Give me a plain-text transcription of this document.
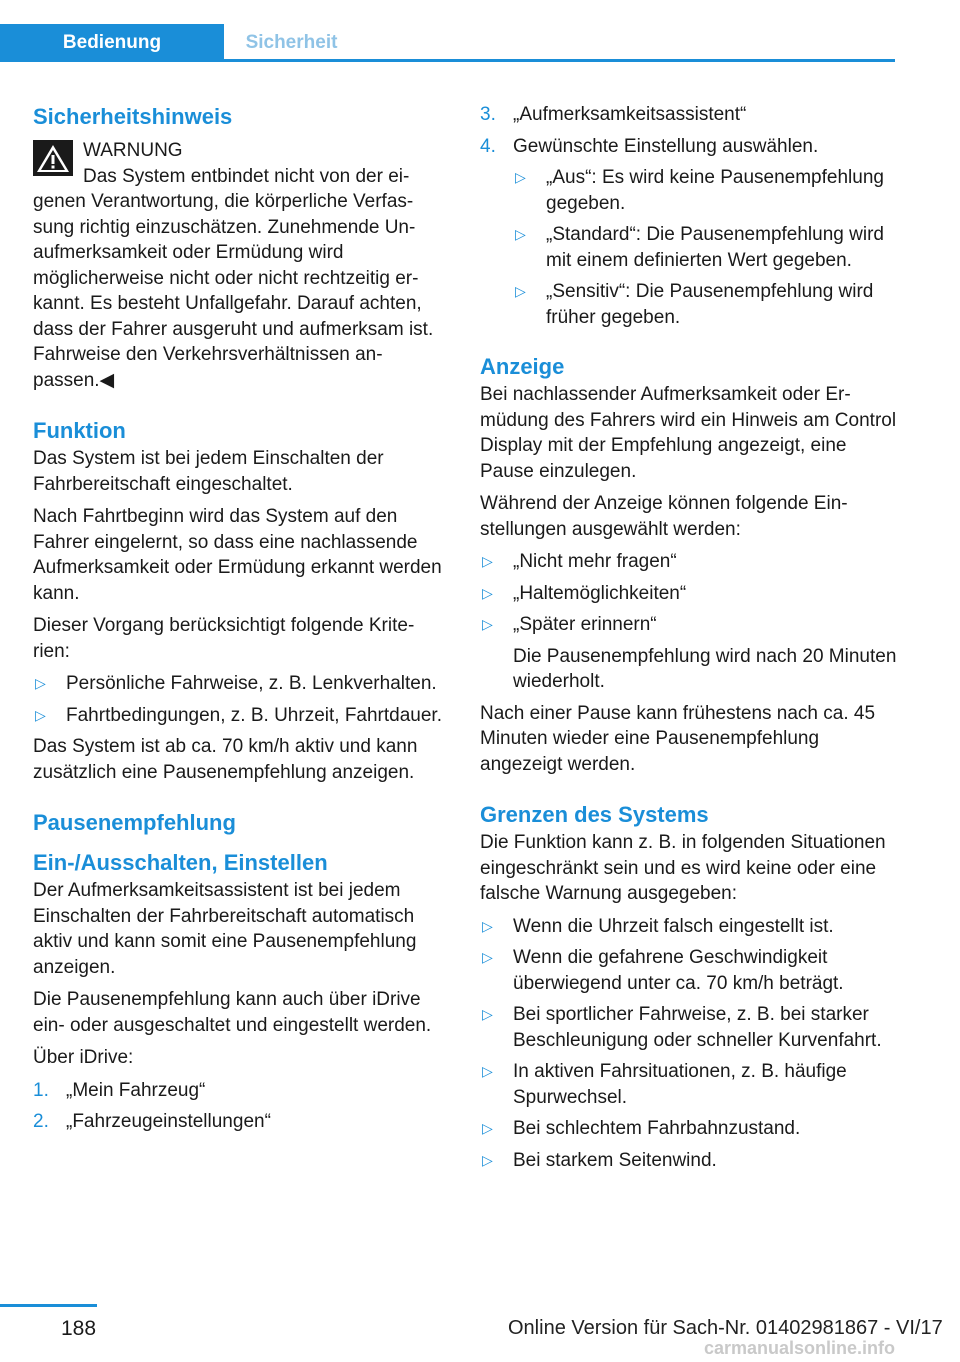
Bedienung	Sicherheit
Sicherheitshinweis
WARNUNG
Das System entbindet nicht von der ei-

genen Verantwortung, die körperliche Verfassung richtig einzuschätzen. Zunehmende Unaufmerksamkeit oder Ermüdung wird möglicherweise nicht oder nicht rechtzeitig erkannt. Es besteht Unfallgefahr. Darauf achten, dass der Fahrer ausgeruht und aufmerksam ist. Fahrweise den Verkehrsverhältnissen anpassen.◀

Funktion

Das System ist bei jedem Einschalten der Fahrbereitschaft eingeschaltet.

Nach Fahrtbeginn wird das System auf den Fahrer eingelernt, so dass eine nachlassende Aufmerksamkeit oder Ermüdung erkannt werden kann.

Dieser Vorgang berücksichtigt folgende Kriterien:

▷ Persönliche Fahrweise, z. B. Lenkverhalten.
▷ Fahrtbedingungen, z. B. Uhrzeit, Fahrtdauer.

Das System ist ab ca. 70 km/h aktiv und kann zusätzlich eine Pausenempfehlung anzeigen.

Pausenempfehlung
Ein-/Ausschalten, Einstellen

Der Aufmerksamkeitsassistent ist bei jedem Einschalten der Fahrbereitschaft automatisch aktiv und kann somit eine Pausenempfehlung anzeigen.

Die Pausenempfehlung kann auch über iDrive ein- oder ausgeschaltet und eingestellt werden.

Über iDrive:

1. „Mein Fahrzeug“
2. „Fahrzeugeinstellungen“
3. „Aufmerksamkeitsassistent“
4. Gewünschte Einstellung auswählen.
▷ „Aus“: Es wird keine Pausenempfehlung gegeben.
▷ „Standard“: Die Pausenempfehlung wird mit einem definierten Wert gegeben.
▷ „Sensitiv“: Die Pausenempfehlung wird früher gegeben.
Anzeige

Bei nachlassender Aufmerksamkeit oder Ermüdung des Fahrers wird ein Hinweis am Control Display mit der Empfehlung angezeigt, eine Pause einzulegen.

Während der Anzeige können folgende Einstellungen ausgewählt werden:

▷ „Nicht mehr fragen“
▷ „Haltemöglichkeiten“
▷ „Später erinnern“
Die Pausenempfehlung wird nach 20 Minuten wiederholt.

Nach einer Pause kann frühestens nach ca. 45 Minuten wieder eine Pausenempfehlung angezeigt werden.

Grenzen des Systems

Die Funktion kann z. B. in folgenden Situationen eingeschränkt sein und es wird keine oder eine falsche Warnung ausgegeben:

▷ Wenn die Uhrzeit falsch eingestellt ist.
▷ Wenn die gefahrene Geschwindigkeit überwiegend unter ca. 70 km/h beträgt.
▷ Bei sportlicher Fahrweise, z. B. bei starker Beschleunigung oder schneller Kurvenfahrt.
▷ In aktiven Fahrsituationen, z. B. häufige Spurwechsel.
▷ Bei schlechtem Fahrbahnzustand.
▷ Bei starkem Seitenwind.
188	Online Version für Sach-Nr. 01402981867 - VI/17
carmanualsonline.info
